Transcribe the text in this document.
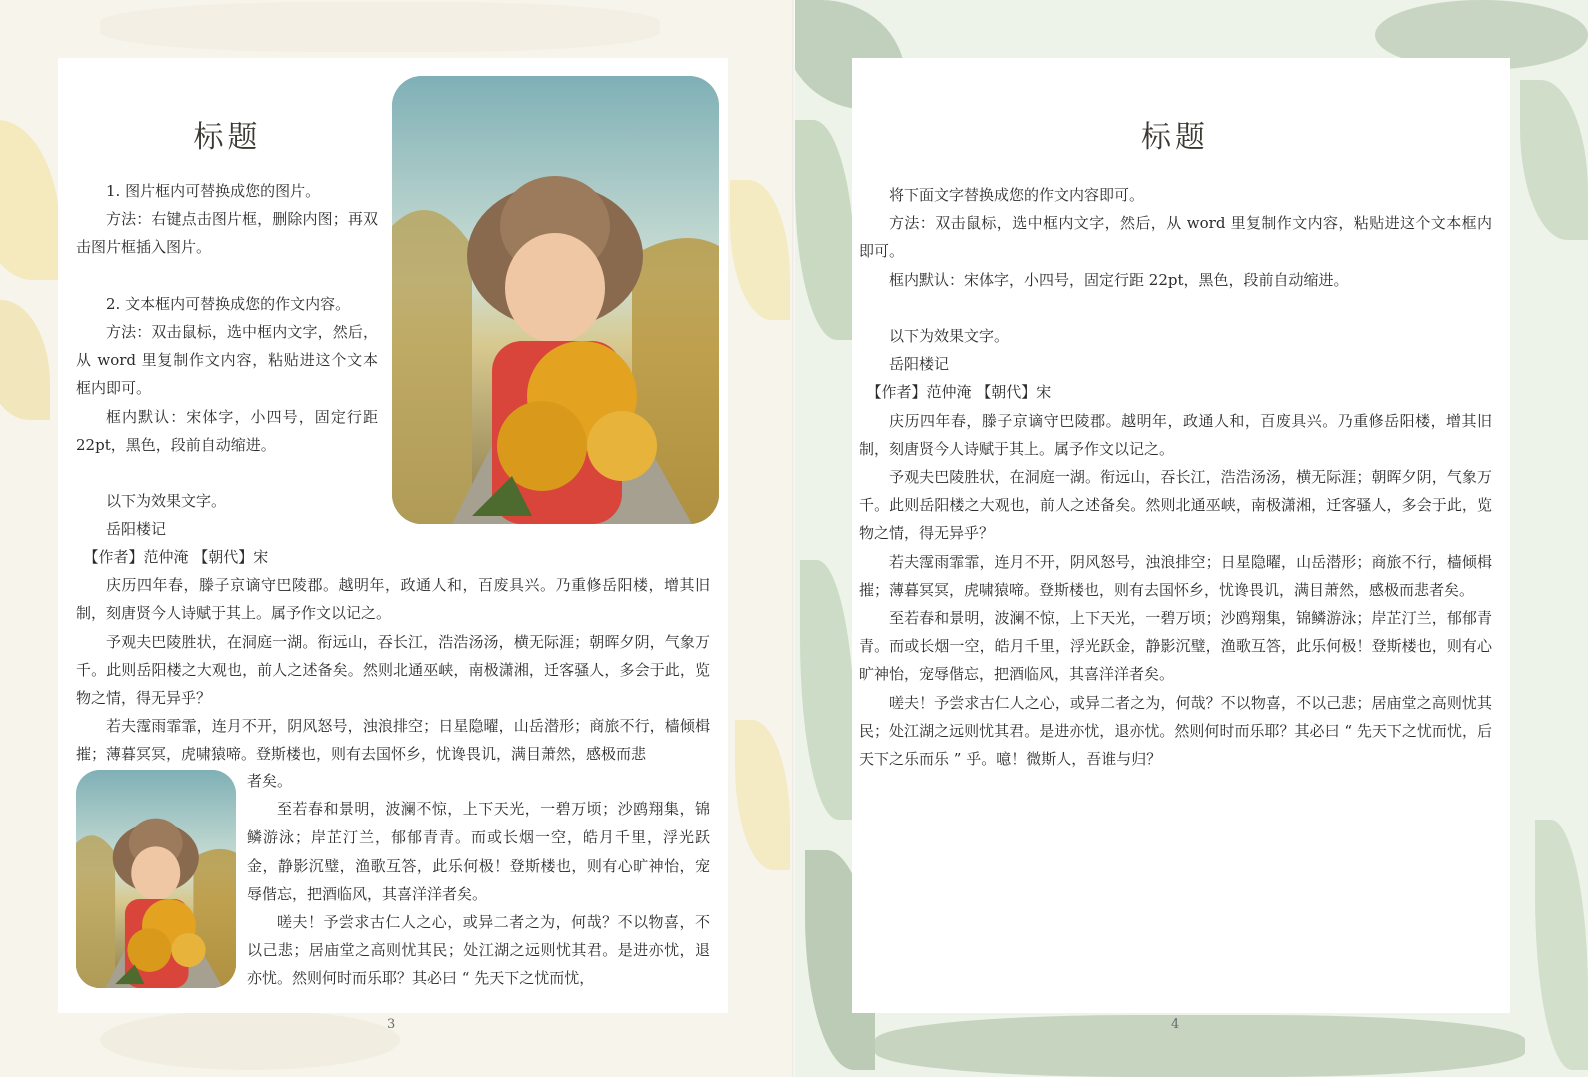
标题

1. 图片框内可替换成您的图片。

方法：右键点击图片框，删除内图；再双击图片框插入图片。

2. 文本框内可替换成您的作文内容。

方法：双击鼠标，选中框内文字，然后，从 word 里复制作文内容，粘贴进这个文本框内即可。

框内默认：宋体字，小四号，固定行距 22pt，黑色，段前自动缩进。

以下为效果文字。

岳阳楼记

【作者】范仲淹 【朝代】宋

庆历四年春，滕子京谪守巴陵郡。越明年，政通人和，百废具兴。乃重修岳阳楼，增其旧制，刻唐贤今人诗赋于其上。属予作文以记之。

予观夫巴陵胜状，在洞庭一湖。衔远山，吞长江，浩浩汤汤，横无际涯；朝晖夕阴，气象万千。此则岳阳楼之大观也，前人之述备矣。然则北通巫峡，南极潇湘，迁客骚人，多会于此，览物之情，得无异乎？

若夫霪雨霏霏，连月不开，阴风怒号，浊浪排空；日星隐曜，山岳潜形；商旅不行，樯倾楫摧；薄暮冥冥，虎啸猿啼。登斯楼也，则有去国怀乡，忧谗畏讥，满目萧然，感极而悲

者矣。

至若春和景明，波澜不惊，上下天光，一碧万顷；沙鸥翔集，锦鳞游泳；岸芷汀兰，郁郁青青。而或长烟一空，皓月千里，浮光跃金，静影沉璧，渔歌互答，此乐何极！登斯楼也，则有心旷神怡，宠辱偕忘，把酒临风，其喜洋洋者矣。

嗟夫！予尝求古仁人之心，或异二者之为，何哉？不以物喜，不以己悲；居庙堂之高则忧其民；处江湖之远则忧其君。是进亦忧，退亦忧。然则何时而乐耶？其必曰 “ 先天下之忧而忧，

3
标题

将下面文字替换成您的作文内容即可。

方法：双击鼠标，选中框内文字，然后，从 word 里复制作文内容，粘贴进这个文本框内即可。

框内默认：宋体字，小四号，固定行距 22pt，黑色，段前自动缩进。

以下为效果文字。

岳阳楼记

【作者】范仲淹 【朝代】宋

庆历四年春，滕子京谪守巴陵郡。越明年，政通人和，百废具兴。乃重修岳阳楼，增其旧制，刻唐贤今人诗赋于其上。属予作文以记之。

予观夫巴陵胜状，在洞庭一湖。衔远山，吞长江，浩浩汤汤，横无际涯；朝晖夕阴，气象万千。此则岳阳楼之大观也，前人之述备矣。然则北通巫峡，南极潇湘，迁客骚人，多会于此，览物之情，得无异乎？

若夫霪雨霏霏，连月不开，阴风怒号，浊浪排空；日星隐曜，山岳潜形；商旅不行，樯倾楫摧；薄暮冥冥，虎啸猿啼。登斯楼也，则有去国怀乡，忧谗畏讥，满目萧然，感极而悲者矣。

至若春和景明，波澜不惊，上下天光，一碧万顷；沙鸥翔集，锦鳞游泳；岸芷汀兰，郁郁青青。而或长烟一空，皓月千里，浮光跃金，静影沉璧，渔歌互答，此乐何极！登斯楼也，则有心旷神怡，宠辱偕忘，把酒临风，其喜洋洋者矣。

嗟夫！予尝求古仁人之心，或异二者之为，何哉？不以物喜，不以己悲；居庙堂之高则忧其民；处江湖之远则忧其君。是进亦忧，退亦忧。然则何时而乐耶？其必曰 “ 先天下之忧而忧，后天下之乐而乐 ” 乎。噫！微斯人，吾谁与归？

4
